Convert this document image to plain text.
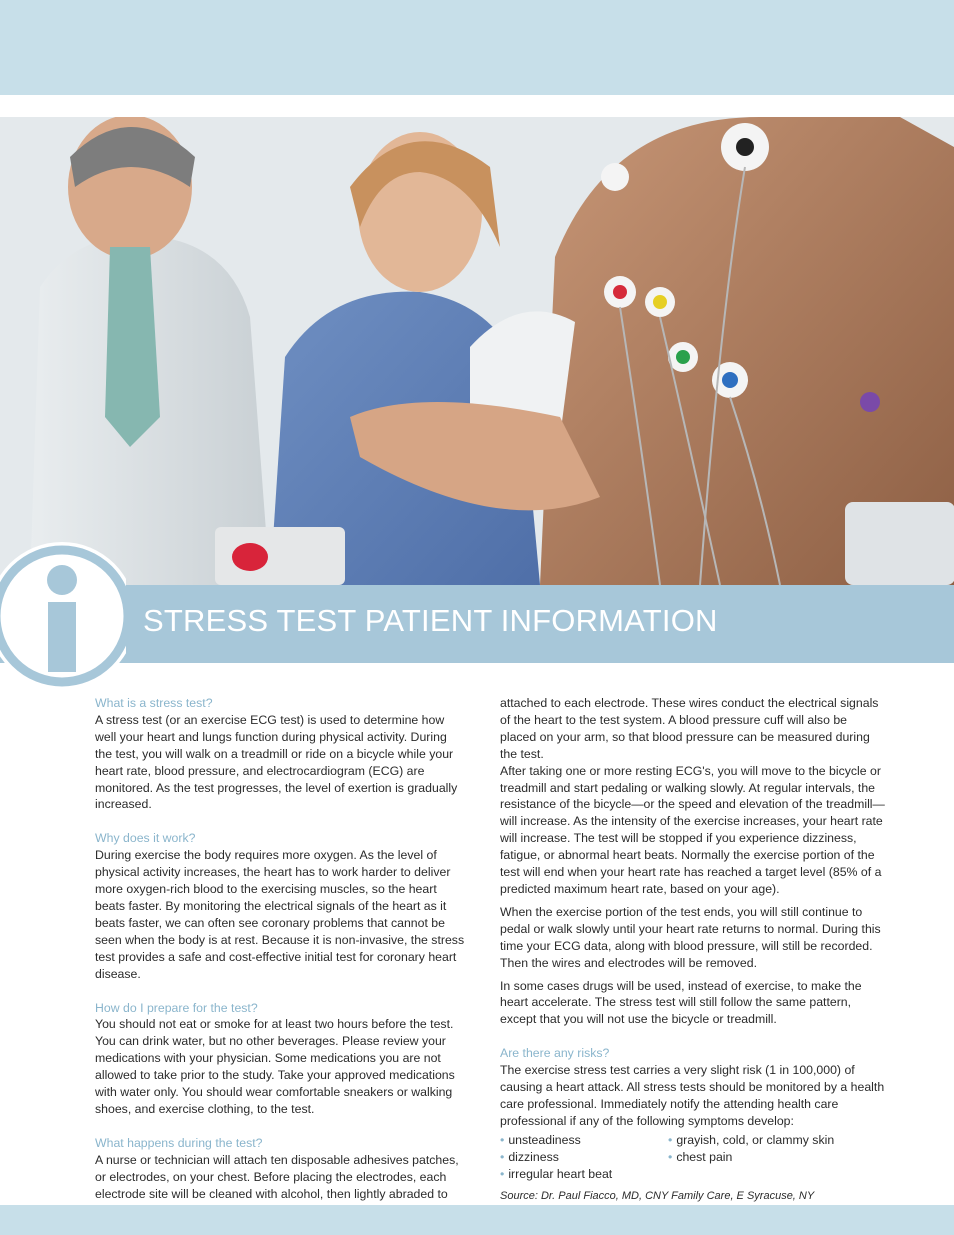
STRESS TEST PATIENT INFORMATION
What is a stress test?
A stress test (or an exercise ECG test) is used to determine how well your heart and lungs function during physical activity. During the test, you will walk on a treadmill or ride on a bicycle while your heart rate, blood pressure, and electrocardiogram (ECG) are monitored. As the test progresses, the level of exertion is gradually increased.
Why does it work?
During exercise the body requires more oxygen. As the level of physical activity increases, the heart has to work harder to deliver more oxygen-rich blood to the exercising muscles, so the heart beats faster. By monitoring the electrical signals of the heart as it beats faster, we can often see coronary problems that cannot be seen when the body is at rest. Because it is non-invasive, the stress test provides a safe and cost-effective initial test for coronary heart disease.
How do I prepare for the test?
You should not eat or smoke for at least two hours before the test. You can drink water, but no other beverages. Please review your medications with your physician. Some medications you are not allowed to take prior to the study. Take your approved medications with water only. You should wear comfortable sneakers or walking shoes, and exercise clothing, to the test.
What happens during the test?
A nurse or technician will attach ten disposable adhesives patches, or electrodes, on your chest. Before placing the electrodes, each electrode site will be cleaned with alcohol, then lightly abraded to
attached to each electrode. These wires conduct the electrical signals of the heart to the test system. A blood pressure cuff will also be placed on your arm, so that blood pressure can be measured during the test.
After taking one or more resting ECG's, you will move to the bicycle or treadmill and start pedaling or walking slowly. At regular intervals, the resistance of the bicycle—or the speed and elevation of the treadmill—will increase. As the intensity of the exercise increases, your heart rate will increase. The test will be stopped if you experience dizziness, fatigue, or abnormal heart beats. Normally the exercise portion of the test will end when your heart rate has reached a target level (85% of a predicted maximum heart rate, based on your age).
When the exercise portion of the test ends, you will still continue to pedal or walk slowly until your heart rate returns to normal. During this time your ECG data, along with blood pressure, will still be recorded. Then the wires and electrodes will be removed.
In some cases drugs will be used, instead of exercise, to make the heart accelerate. The stress test will still follow the same pattern, except that you will not use the bicycle or treadmill.
Are there any risks?
The exercise stress test carries a very slight risk (1 in 100,000) of causing a heart attack. All stress tests should be monitored by a health care professional. Immediately notify the attending health care professional if any of the following symptoms develop:
• unsteadiness	• grayish, cold, or clammy skin
• dizziness	• chest pain
• irregular heart beat
Source: Dr. Paul Fiacco, MD, CNY Family Care, E Syracuse, NY
